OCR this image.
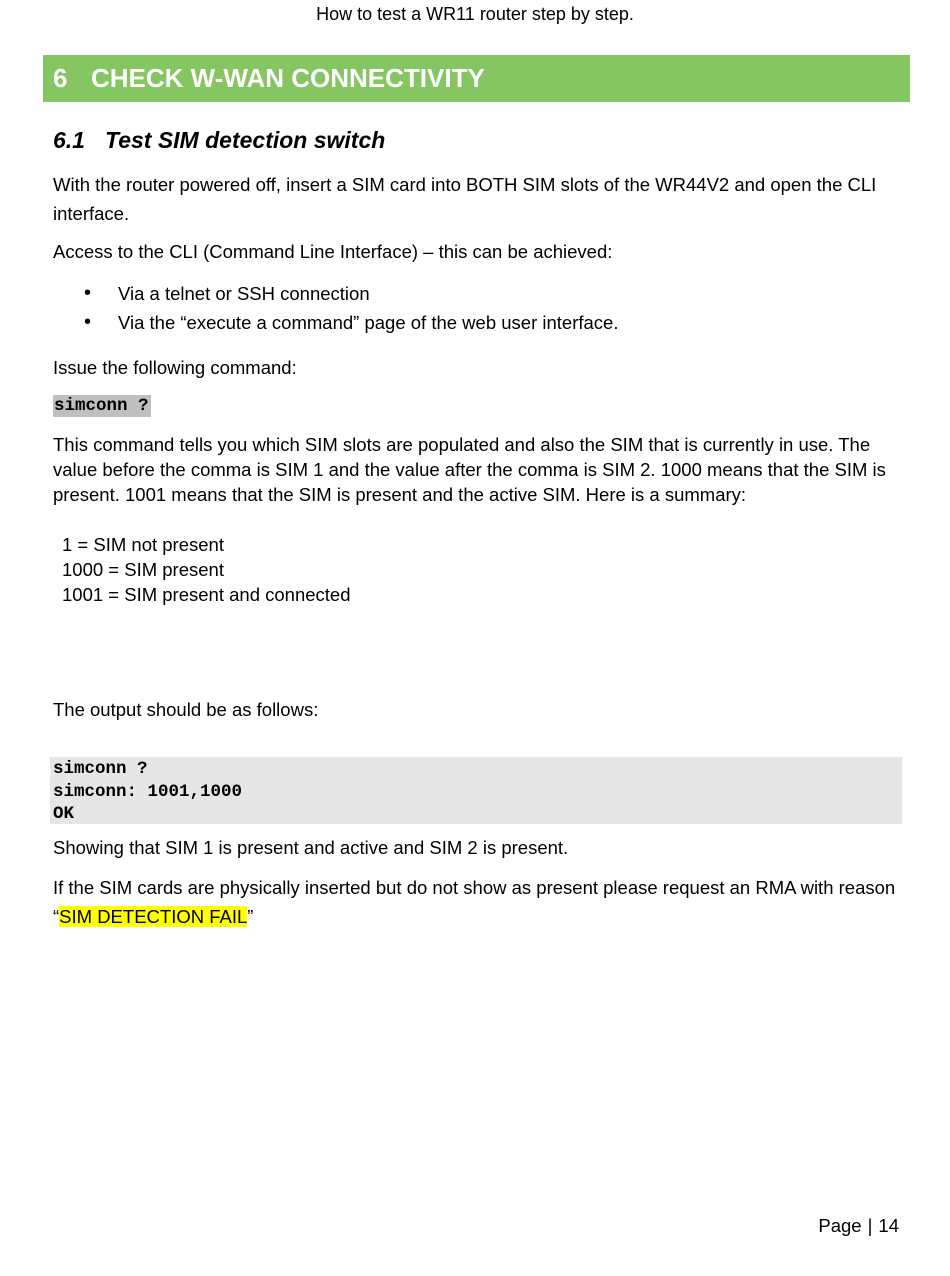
How to test a WR11 router step by step.
6 CHECK W-WAN CONNECTIVITY
6.1 Test SIM detection switch

With the router powered off, insert a SIM card into BOTH SIM slots of the WR44V2 and open the CLI interface.

Access to the CLI (Command Line Interface) – this can be achieved:

• Via a telnet or SSH connection
• Via the “execute a command” page of the web user interface.

Issue the following command:

simconn ?

This command tells you which SIM slots are populated and also the SIM that is currently in use. The value before the comma is SIM 1 and the value after the comma is SIM 2. 1000 means that the SIM is present. 1001 means that the SIM is present and the active SIM. Here is a summary:

1 = SIM not present
1000 = SIM present
1001 = SIM present and connected

The output should be as follows:

simconn ?
simconn: 1001,1000
OK

Showing that SIM 1 is present and active and SIM 2 is present.

If the SIM cards are physically inserted but do not show as present please request an RMA with reason “SIM DETECTION FAIL”

Page | 14
